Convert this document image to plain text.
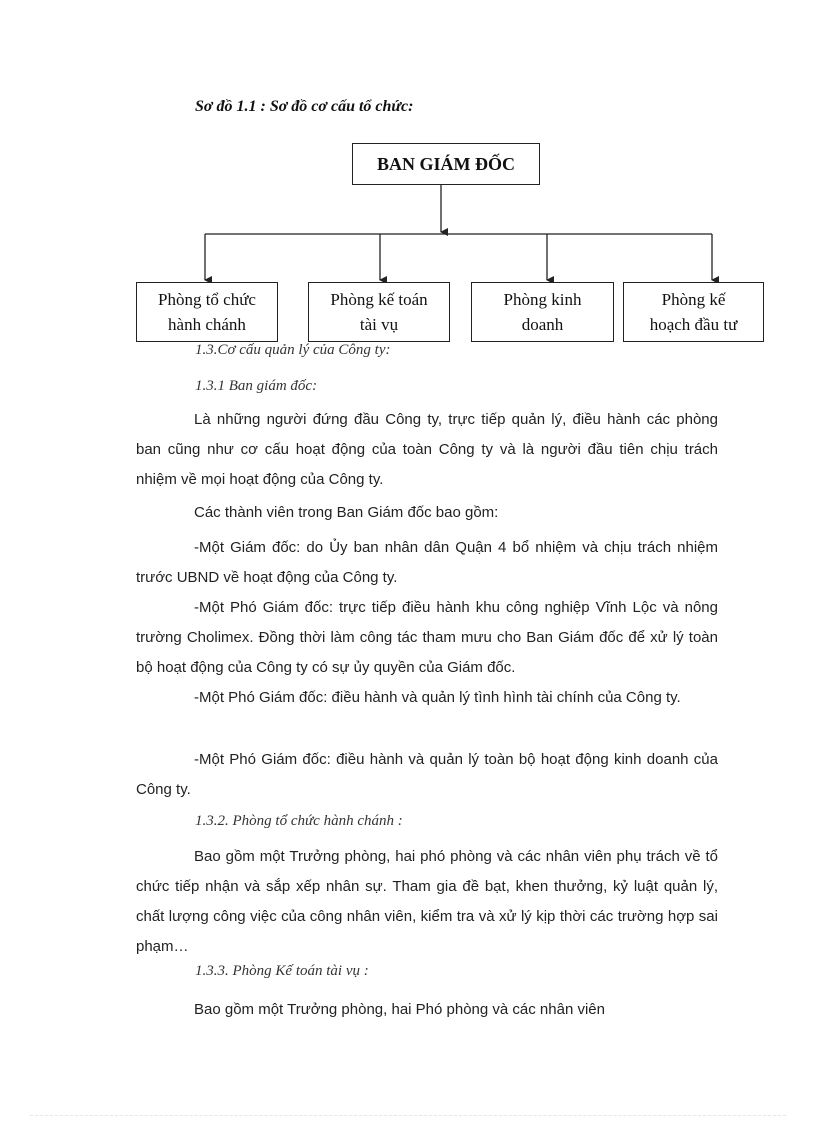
Sơ đồ 1.1 : Sơ đồ cơ cấu tổ chức:
BAN GIÁM ĐỐC
Phòng tổ chức
hành chánh
Phòng kế toán
tài vụ
Phòng kinh
doanh
Phòng kế
hoạch đầu tư
1.3.Cơ cấu quản lý của Công ty:
1.3.1 Ban giám đốc:
Là những người đứng đầu Công ty, trực tiếp quản lý, điều hành các phòng ban cũng như cơ cấu hoạt động của toàn Công ty và là người đầu tiên chịu trách nhiệm về mọi hoạt động của Công ty.
Các thành viên trong Ban Giám đốc bao gồm:
-Một Giám đốc: do Ủy ban nhân dân Quận 4 bổ nhiệm và chịu trách nhiệm trước UBND về hoạt động của Công ty.
-Một Phó Giám đốc: trực tiếp điều hành khu công nghiệp Vĩnh Lộc và nông trường Cholimex. Đồng thời làm công tác tham mưu cho Ban Giám đốc để xử lý toàn bộ hoạt động của Công ty có sự ủy quyền của Giám đốc.
-Một Phó Giám đốc: điều hành và quản lý tình hình tài chính của Công ty.
-Một Phó Giám đốc: điều hành và quản lý toàn bộ hoạt động kinh doanh của Công ty.
1.3.2. Phòng tổ chức hành chánh :
Bao gồm một Trưởng phòng, hai phó phòng và các nhân viên phụ trách về tổ chức tiếp nhận và sắp xếp nhân sự. Tham gia đề bạt, khen thưởng, kỷ luật quản lý, chất lượng công việc của công nhân viên, kiểm tra và xử lý kịp thời các trường hợp sai phạm…
1.3.3. Phòng Kế toán tài vụ :
Bao gồm một Trưởng phòng, hai Phó phòng và các nhân viên
